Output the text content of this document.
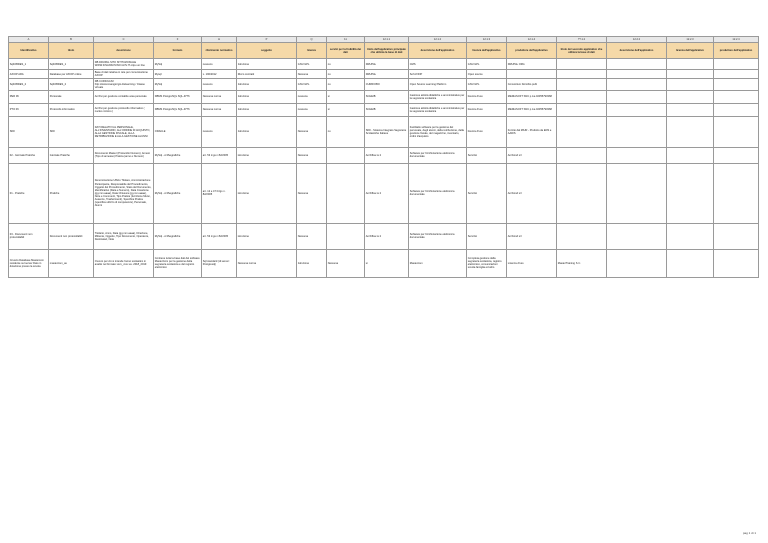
A	B	C	F	H	P	Q	11	12.1.1	12.1.2	12.1.3	12.1.4	??.1.2	12.2.2	12.2.3	12.2.4
Identificativo	titolo	descrizione	formato	riferimento normativo	soggetto	licenza	servizi per la fruibilità dei dati	titolo dell'applicativo principale che utilizza la base di dati	descrizione dell'applicativo	licenza dell'applicativo	produttore dell'applicativo	titolo del secondo applicativo che utilizza la base di dati	descrizione dell'applicativo	licenza dell'applicativo	produttore dell'applicativo
SqlCIBDES_1	SqlCIBDES_1	DB DRUPAL SITO ISTITUZIONALE WWW.ICSANSOVINO.GOV.IT ottpu un line	MySql	nessuno	Istruzione	GNU GPL	no	DRUPAL	CMS	GNU GPL	DRUPAL ORG				
AXIOP ARA	Database per AXIOP online	Base di dati relativa in rete per comunicazione AXIOP	Mysql	L. 190/2012	Ricco contratti	Nessuna	no	DRUPAL	Sof AXIOP	Open source					
SqlCIBDES_2	SqlCIBDES_2	DB CURICULIM http://www.icsangiorgio.it/elearning / Classe virtuale	MySql	nessuno	Istruzione	GNU GPL	no	CURRIOBO	Open Source Learning Platform	GNU GPL	Consortium Dorsibio publ				
PER 06	Personale	Archivi per gestione contabile area personale	DBMS PostgreSQL SQL-9776	Nessuna norma	Istruzione	nessuna	si	SCHEIB	Gestione attività didattiche e amministrative per la segreteria scolastica	licenza d'uso	MEDIASOFT SNC p.iva 02355790368				
PTO 06	Protocollo informatico	Archivi per gestione protocollo informatico ( nucleo minimo )	DBMS PostgreSQL SQL-9776	Nessuna norma	Istruzione	nessuna	si	SCHEIB	Gestione attività didattiche e amministrative per la segreteria scolastica	licenza d'uso	MEDIASOFT SNC p.iva 02355790368				
SIDI	SIDI	DATI RELATIVI AL PERSONALE, ALL'INVENTARIO, ALL'ORDINE DI ACQUISTO, ALLA GESTIONE FISCALE, ALLA RETRIBUZIONE E ALLA GESTIONE ALUNNI	ORACLE	nessuno	Istruzione	Nessuna	no	SIDI - Sistema Integrato Segreterie Scolastiche Italiane	Facilitatio software per la gestione del personale, degli alunni, della retribuzione, della gestione fiscale, del magazzino, inventario, ordini d'acquisto	licenza d'uso	Fornito dal MIUR - Prodotto da EDS e AADIS				
02 - Giornale Pratiche	Giornale Pratiche	Documento Master (Protocollo Numero), Annesi (Tipo di annesso) Pratica (anno e Numero)	MySql - cr4Segrafiche	art. 53 d.gs n 82/2005	istruzione	Nessuna		Archiflow w 2	Software per l'Archiviazione elettronica documentale	Servizio	Archiond srl				
01 - Pratiche	Pratiche	Denominazione Ufficio Titolare, Amministrazione Partecipante, Responsabile del Procedimento, Oggetto del Procedimento, Stato del Documento, Identificativo (Data e Numero), Data Creazione (gg.mm.aaaa), Data Chiusura (gg.mm.aaaa), Note e Commenti, Tipo Pratica (Iscrizione Mutui, Assenze, Trasferimenti), Specifica Pratica (specifica utilizzo di competenza), Personale, Alunni	MySql - cr4Segrafiche	art. 12 e 47 D.lgs n. 82/2005	istruzione	Nessuna		Archiflow w 2	Software per l'Archiviazione elettronica documentale	Servizio	Archiond srl				
03 - Documenti non protocollabili	Documenti non protocollabili	Titolario, Anno, Data (gg.mm.aaaa), Direzione, Mittente, Oggetto, Tipo Documento, Operatore, Destinatari, Note	MySql - cr4Segrafiche	art. 53 d.gs n 82/2005	istruzione	Nessuna		Archiflow w 2	Software per l'Archiviazione elettronica documentale	Servizio	Archiond srl				
Cruscio Database Mastercom residente sul server Dato in dotazione presso la scuola	mastercom_as	Ovvero per ciò si intende l'anno scolastico in analisi nel formato xxxx_xxxx es. 2018_2019	Contiene tutta la base dati del software MasterCom per la gestione della segreteria scolastica e del registro elettronico	Sql standard (di server: Postgresql)	Nessuna norma	Istruzione	Nessuna	si	Mastercom	Completa gestione della segreteria scolastica, registro elettronico, comunicazioni scuola famiglia ed altro	Licenza d'uso	MasterTraining S.r.l.			
pag 1 di 1
